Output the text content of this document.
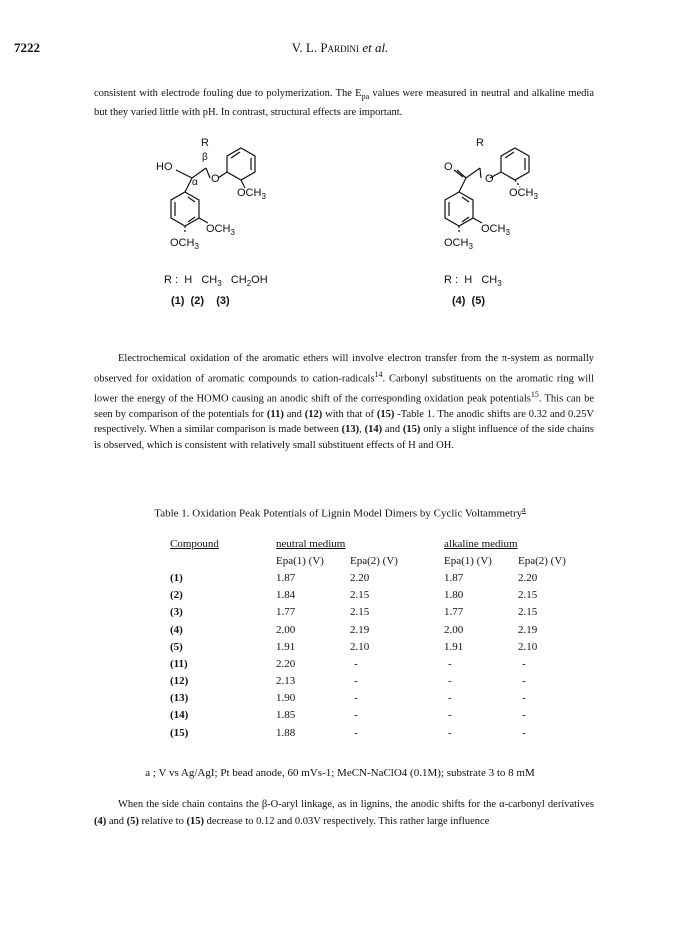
7222	V. L. Pardini et al.

consistent with electrode fouling due to polymerization. The $E_{pa}$ values were measured in neutral and alkaline media but they varied little with pH. In contrast, structural effects are important.

R
β
HO
α O
$OCH_3$
$OCH_3$
$OCH_3$
R
O
O
$OCH_3$
$OCH_3$
$OCH_3$
R : H $CH_3$ $CH_2OH$
(1)  (2)    (3)
R : H $CH_3$
(4)  (5)

Electrochemical oxidation of the aromatic ethers will involve electron transfer from the π-system as normally observed for oxidation of aromatic compounds to cation-radicals$^{14}$. Carbonyl substituents on the aromatic ring will lower the energy of the HOMO causing an anodic shift of the corresponding oxidation peak potentials$^{15}$. This can be seen by comparison of the potentials for (11) and (12) with that of (15) -Table 1. The anodic shifts are 0.32 and 0.25V respectively. When a similar comparison is made between (13), (14) and (15) only a slight influence of the side chains is observed, which is consistent with relatively small substituent effects of H and OH.

Table 1. Oxidation Peak Potentials of Lignin Model Dimers by Cyclic Voltammetry$^a$
Compound	neutral medium		alkaline medium	
	Epa(1) (V)	Epa(2) (V)	Epa(1) (V)	Epa(2) (V)
(1)	1.87	2.20	1.87	2.20
(2)	1.84	2.15	1.80	2.15
(3)	1.77	2.15	1.77	2.15
(4)	2.00	2.19	2.00	2.19
(5)	1.91	2.10	1.91	2.10
(11)	2.20	-	-	-
(12)	2.13	-	-	-
(13)	1.90	-	-	-
(14)	1.85	-	-	-
(15)	1.88	-	-	-
a ; V vs Ag/AgI; Pt bead anode, 60 mVs-1; MeCN-NaClO4 (0.1M); substrate 3 to 8 mM

When the side chain contains the β-O-aryl linkage, as in lignins, the anodic shifts for the α-carbonyl derivatives (4) and (5) relative to (15) decrease to 0.12 and 0.03V respectively. This rather large influence
